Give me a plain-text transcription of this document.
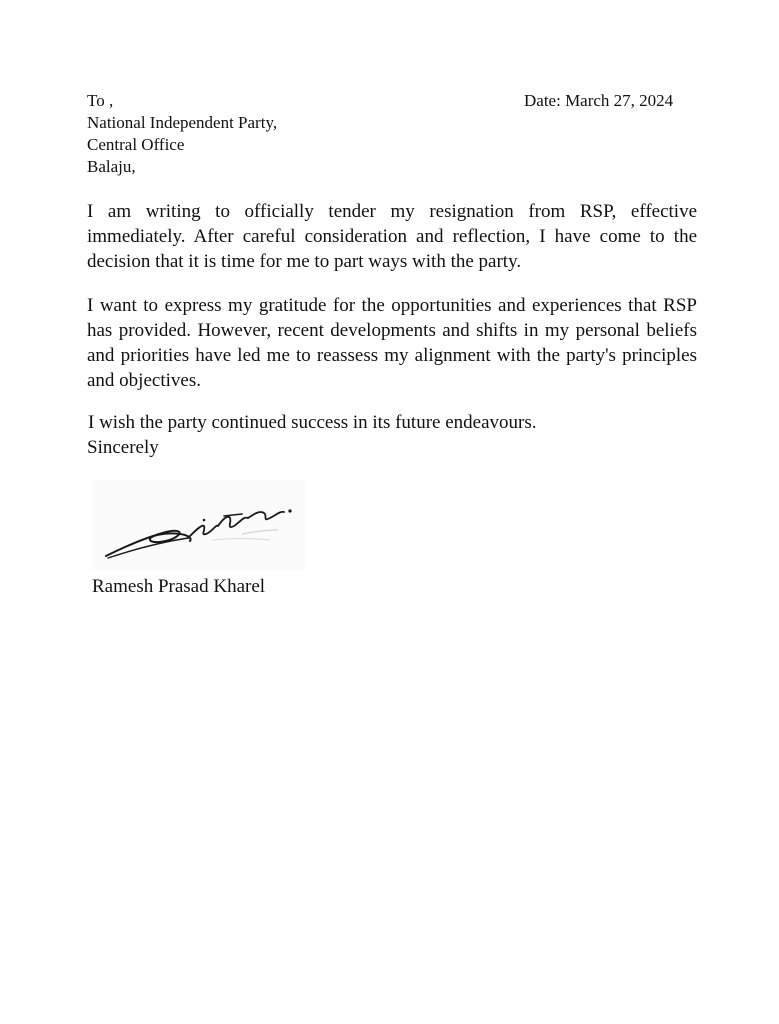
To ,
National Independent Party,
Central Office
Balaju,
Date: March 27, 2024

I am writing to officially tender my resignation from RSP, effective immediately. After careful consideration and reflection, I have come to the decision that it is time for me to part ways with the party.

I want to express my gratitude for the opportunities and experiences that RSP has provided. However, recent developments and shifts in my personal beliefs and priorities have led me to reassess my alignment with the party's principles and objectives.

I wish the party continued success in its future endeavours.
Sincerely
Ramesh Prasad Kharel
